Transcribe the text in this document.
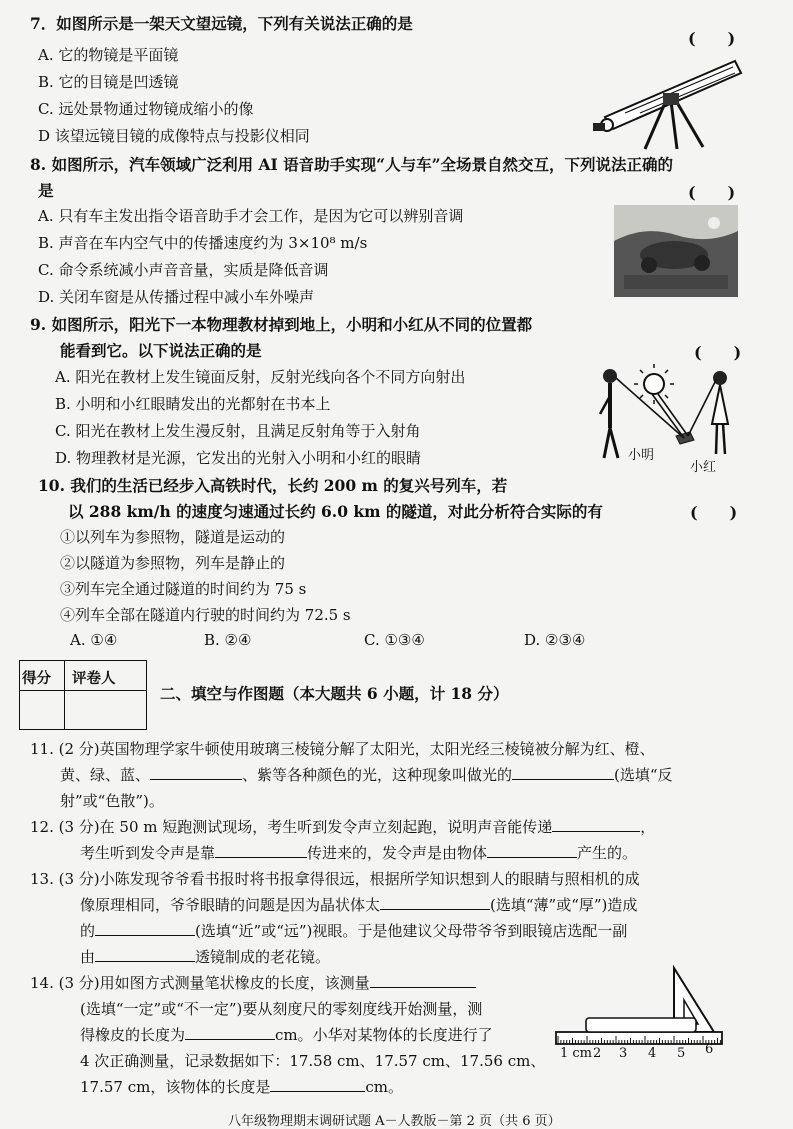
7．如图所示是一架天文望远镜，下列有关说法正确的是
(　　)
A. 它的物镜是平面镜
B. 它的目镜是凹透镜
C. 远处景物通过物镜成缩小的像
D 该望远镜目镜的成像特点与投影仪相同
8. 如图所示，汽车领域广泛利用 AI 语音助手实现“人与车”全场景自然交互，下列说法正确的
是	(　　)
A. 只有车主发出指令语音助手才会工作，是因为它可以辨别音调
B. 声音在车内空气中的传播速度约为 3×10⁸ m/s
C. 命令系统减小声音音量，实质是降低音调
D. 关闭车窗是从传播过程中减小车外噪声
9. 如图所示，阳光下一本物理教材掉到地上，小明和小红从不同的位置都
能看到它。以下说法正确的是	(　　)
A. 阳光在教材上发生镜面反射，反射光线向各个不同方向射出
B. 小明和小红眼睛发出的光都射在书本上
C. 阳光在教材上发生漫反射，且满足反射角等于入射角
D. 物理教材是光源，它发出的光射入小明和小红的眼睛	小明
小红
10. 我们的生活已经步入高铁时代，长约 200 m 的复兴号列车，若
以 288 km/h 的速度匀速通过长约 6.0 km 的隧道，对此分析符合实际的有	(　　)
①以列车为参照物，隧道是运动的
②以隧道为参照物，列车是静止的
③列车完全通过隧道的时间约为 75 s
④列车全部在隧道内行驶的时间约为 72.5 s
A. ①④	B. ②④	C. ①③④	D. ②③④
得分 评卷人
二、填空与作图题（本大题共 6 小题，计 18 分）
11. (2 分)英国物理学家牛顿使用玻璃三棱镜分解了太阳光，太阳光经三棱镜被分解为红、橙、
黄、绿、蓝、	、紫等各种颜色的光，这种现象叫做光的	(选填“反
射”或“色散”)。
12. (3 分)在 50 m 短跑测试现场，考生听到发令声立刻起跑，说明声音能传递	，
考生听到发令声是靠	传进来的，发令声是由物体	产生的。
13. (3 分)小陈发现爷爷看书报时将书报拿得很远，根据所学知识想到人的眼睛与照相机的成
像原理相同，爷爷眼睛的问题是因为晶状体太	(选填“薄”或“厚”)造成
的	(选填“近”或“远”)视眼。于是他建议父母带爷爷到眼镜店选配一副
由	透镜制成的老花镜。
14. (3 分)用如图方式测量笔状橡皮的长度，该测量
(选填“一定”或“不一定”)要从刻度尺的零刻度线开始测量，测
得橡皮的长度为	cm。小华对某物体的长度进行了
4 次正确测量，记录数据如下：17.58 cm、17.57 cm、17.56 cm、
17.57 cm，该物体的长度是	cm。
1 cm 2 3 4 5 6
八年级物理期末调研试题 A－人教版－第 2 页（共 6 页）
